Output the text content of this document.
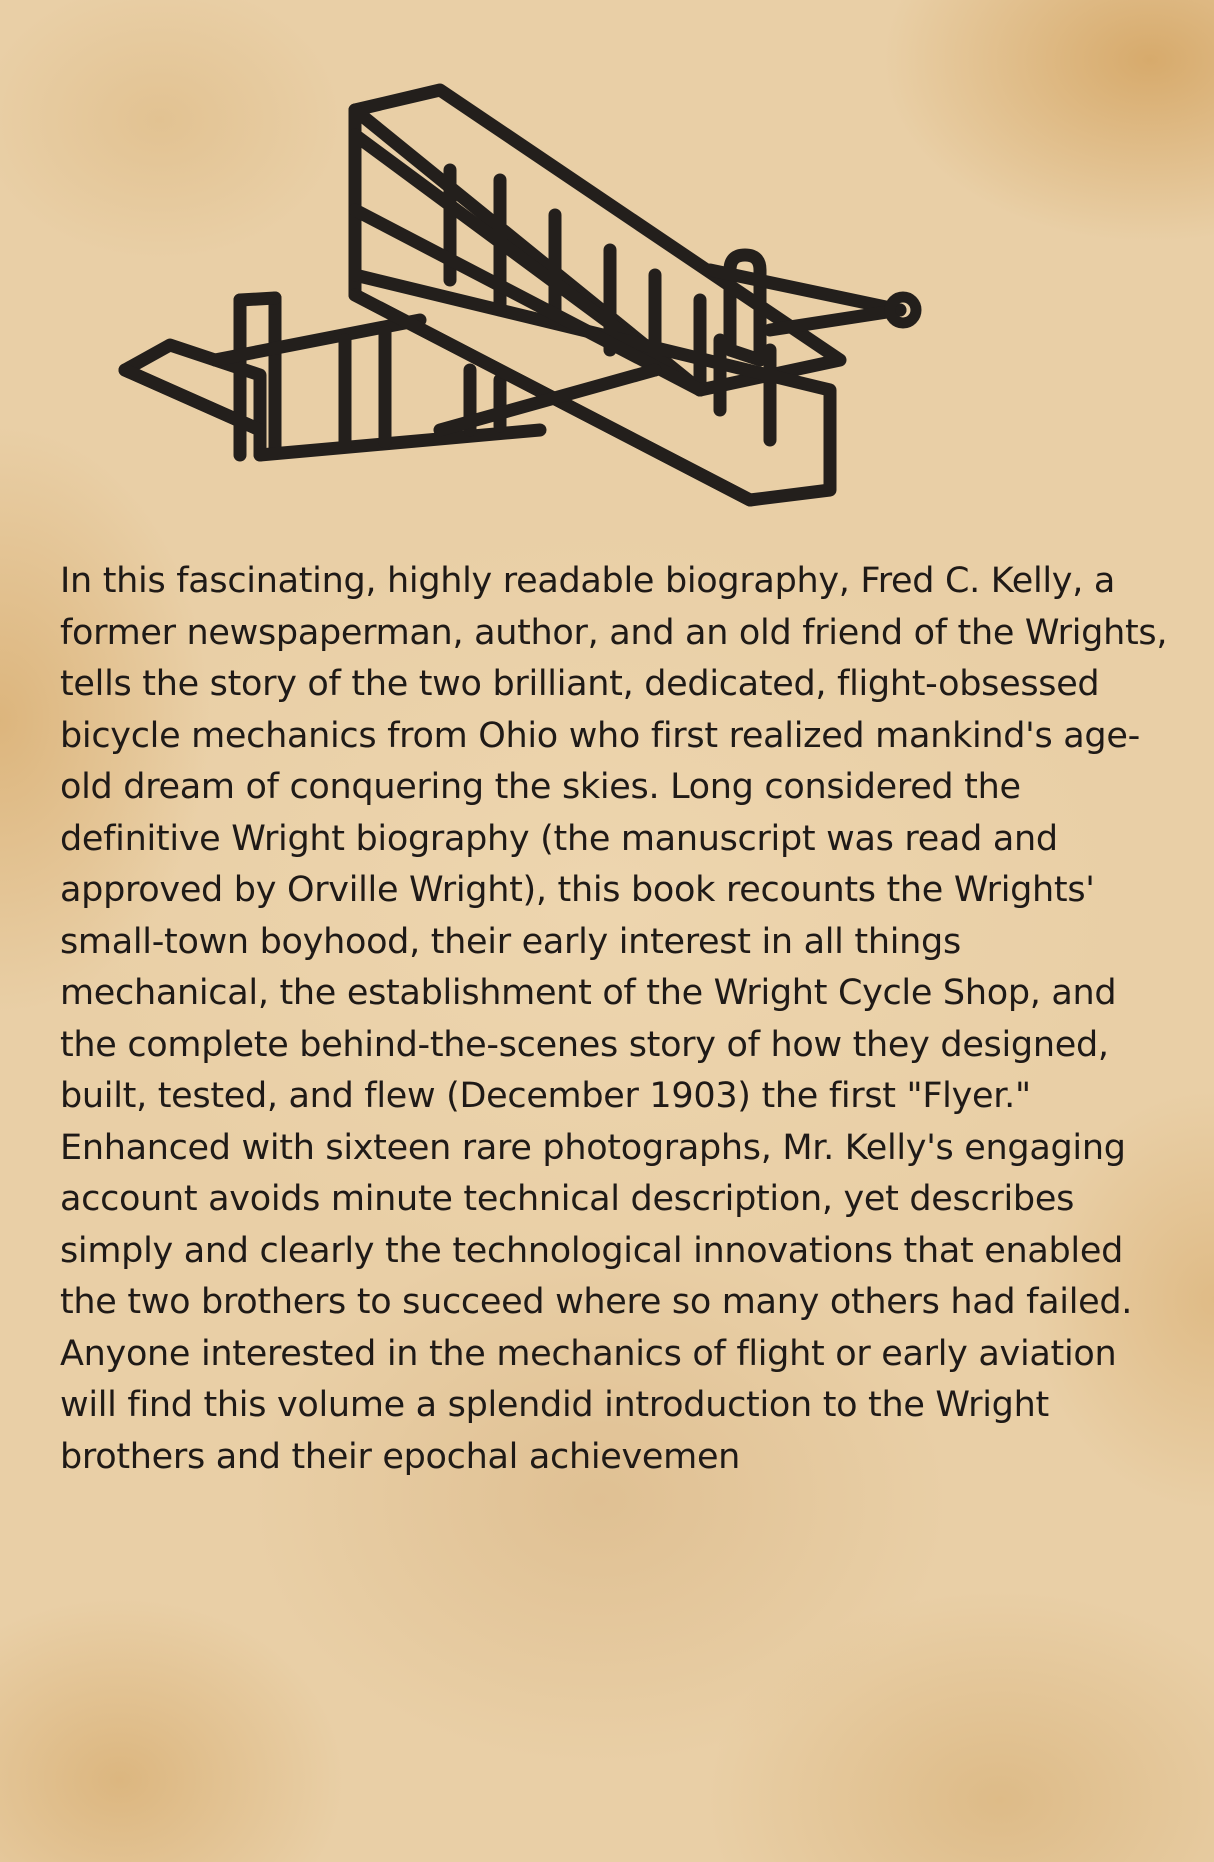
In this fascinating, highly readable biography, Fred C. Kelly, a former newspaperman, author, and an old friend of the Wrights, tells the story of the two brilliant, dedicated, flight-obsessed bicycle mechanics from Ohio who first realized mankind's age-old dream of conquering the skies. Long considered the definitive Wright biography (the manuscript was read and approved by Orville Wright), this book recounts the Wrights' small-town boyhood, their early interest in all things mechanical, the establishment of the Wright Cycle Shop, and the complete behind-the-scenes story of how they designed, built, tested, and flew (December 1903) the first "Flyer."

Enhanced with sixteen rare photographs, Mr. Kelly's engaging account avoids minute technical description, yet describes simply and clearly the technological innovations that enabled the two brothers to succeed where so many others had failed. Anyone interested in the mechanics of flight or early aviation will find this volume a splendid introduction to the Wright brothers and their epochal achievemen
